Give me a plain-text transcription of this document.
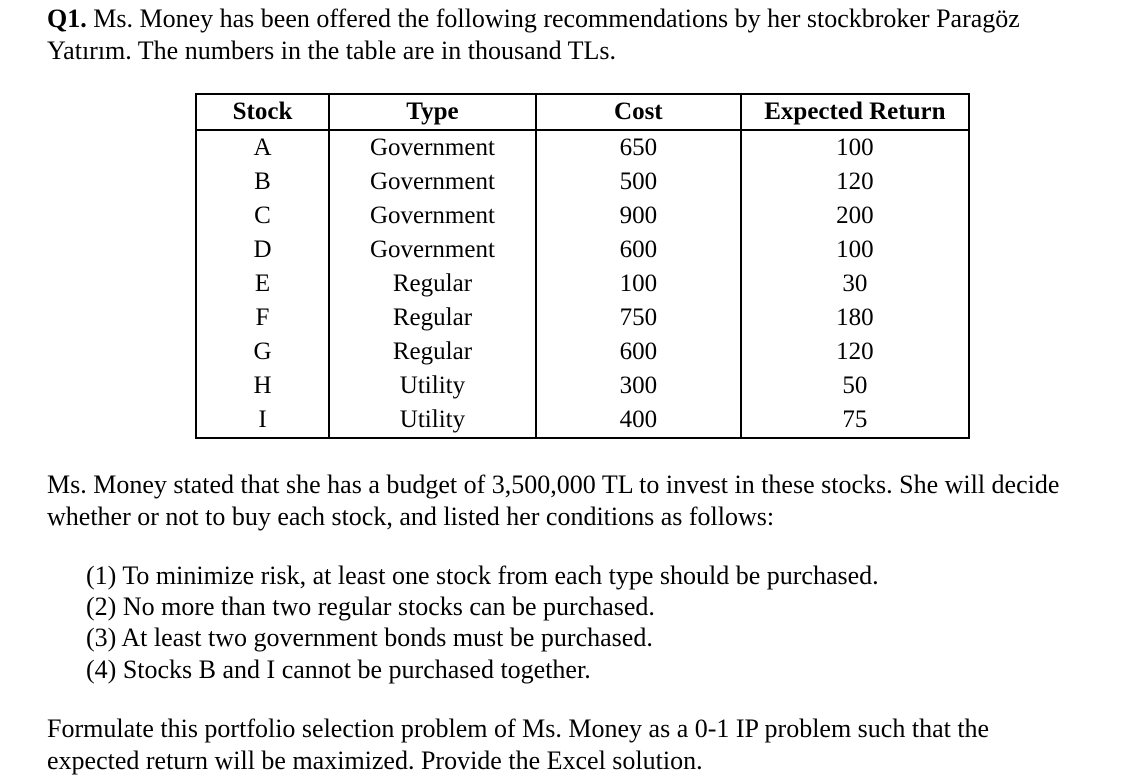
Q1. Ms. Money has been offered the following recommendations by her stockbroker Paragöz

Yatırım. The numbers in the table are in thousand TLs.

Stock	Type	Cost	Expected Return
A	Government	650	100
B	Government	500	120
C	Government	900	200
D	Government	600	100
E	Regular	100	30
F	Regular	750	180
G	Regular	600	120
H	Utility	300	50
I	Utility	400	75

Ms. Money stated that she has a budget of 3,500,000 TL to invest in these stocks. She will decide

whether or not to buy each stock, and listed her conditions as follows:

(1) To minimize risk, at least one stock from each type should be purchased.

(2) No more than two regular stocks can be purchased.

(3) At least two government bonds must be purchased.

(4) Stocks B and I cannot be purchased together.

Formulate this portfolio selection problem of Ms. Money as a 0-1 IP problem such that the

expected return will be maximized. Provide the Excel solution.
